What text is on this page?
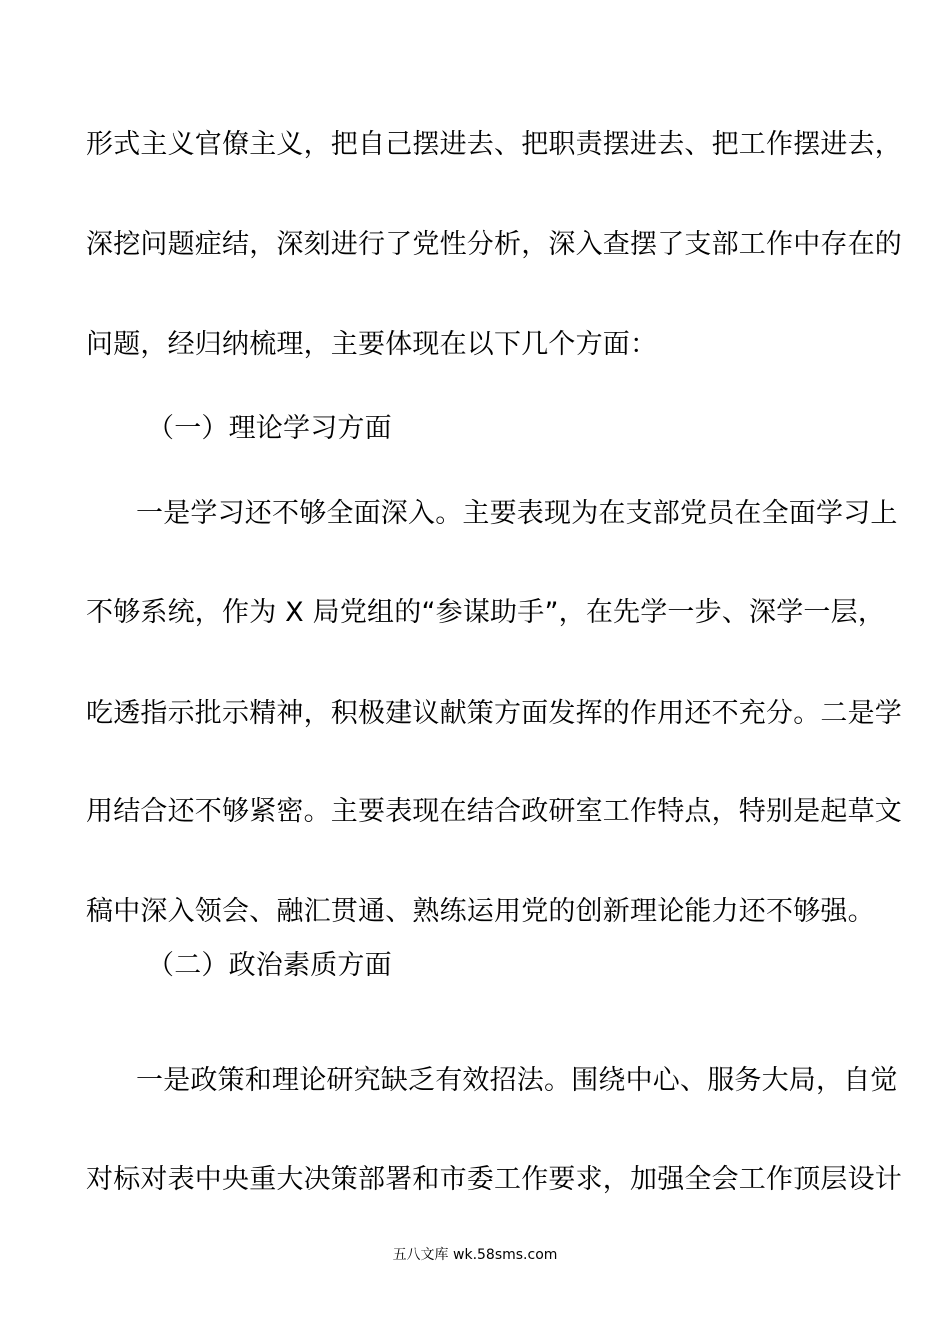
形式主义官僚主义，把自己摆进去、把职责摆进去、把工作摆进去，
深挖问题症结，深刻进行了党性分析，深入查摆了支部工作中存在的
问题，经归纳梳理，主要体现在以下几个方面：
（一）理论学习方面
一是学习还不够全面深入。主要表现为在支部党员在全面学习上
不够系统，作为 X 局党组的“参谋助手”，在先学一步、深学一层，
吃透指示批示精神，积极建议献策方面发挥的作用还不充分。二是学
用结合还不够紧密。主要表现在结合政研室工作特点，特别是起草文
稿中深入领会、融汇贯通、熟练运用党的创新理论能力还不够强。
（二）政治素质方面
一是政策和理论研究缺乏有效招法。围绕中心、服务大局，自觉
对标对表中央重大决策部署和市委工作要求，加强全会工作顶层设计
五八文库 wk.58sms.com
